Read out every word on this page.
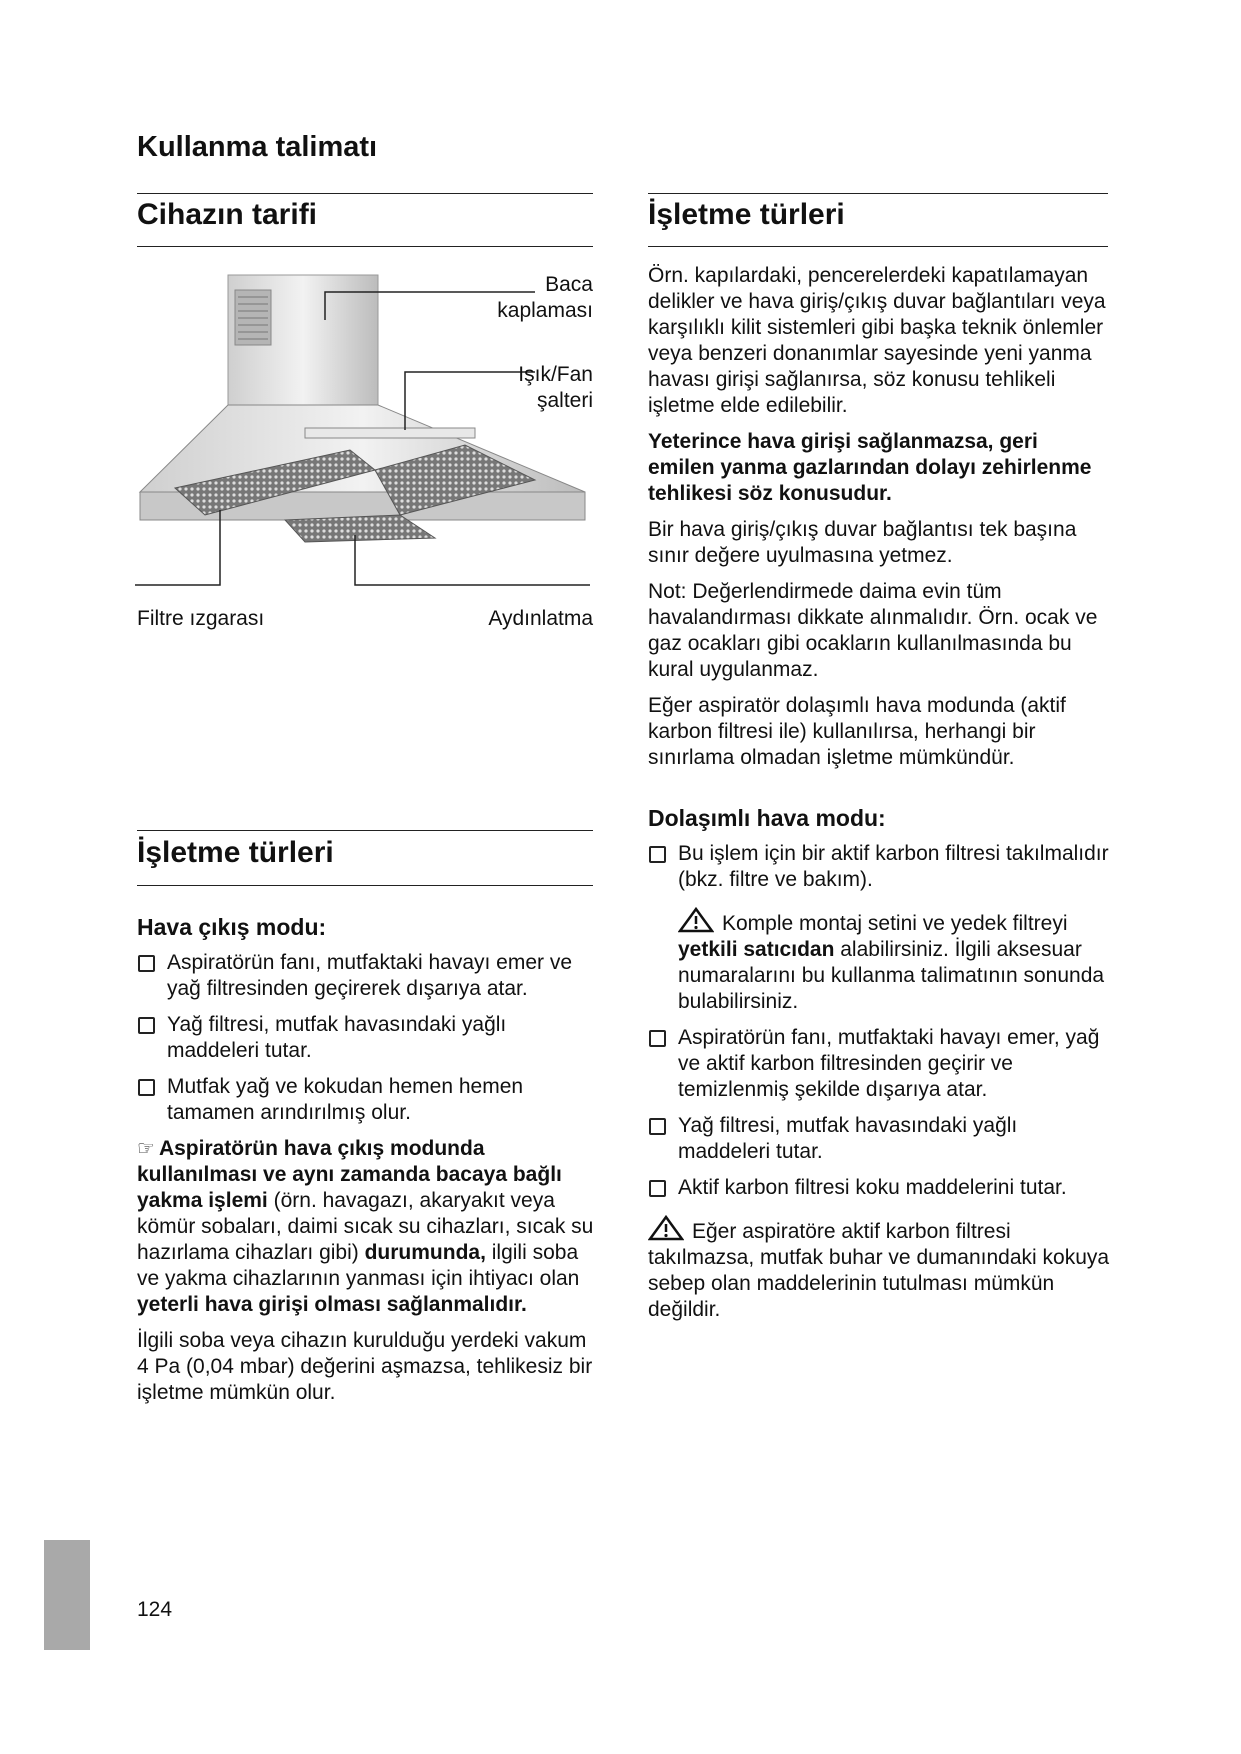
Kullanma talimatı
Cihazın tarifi
Baca
kaplaması
Işık/Fan
şalteri
Filtre ızgarası	Aydınlatma
İşletme türleri
Hava çıkış modu:
Aspiratörün fanı, mutfaktaki havayı emer ve yağ filtresinden geçirerek dışarıya atar.
Yağ filtresi, mutfak havasındaki yağlı maddeleri tutar.
Mutfak yağ ve kokudan hemen hemen tamamen arındırılmış olur.

☞ Aspiratörün hava çıkış modunda kullanılması ve aynı zamanda bacaya bağlı yakma işlemi (örn. havagazı, akaryakıt veya kömür sobaları, daimi sıcak su cihazları, sıcak su hazırlama cihazları gibi) durumunda, ilgili soba ve yakma cihazlarının yanması için ihtiyacı olan yeterli hava girişi olması sağlanmalıdır.

İlgili soba veya cihazın kurulduğu yerdeki vakum 4 Pa (0,04 mbar) değerini aşmazsa, tehlikesiz bir işletme mümkün olur.

İşletme türleri

Örn. kapılardaki, pencerelerdeki kapatılamayan delikler ve hava giriş/çıkış duvar bağlantıları veya karşılıklı kilit sistemleri gibi başka teknik önlemler veya benzeri donanımlar sayesinde yeni yanma havası girişi sağlanırsa, söz konusu tehlikeli işletme elde edilebilir.

Yeterince hava girişi sağlanmazsa, geri emilen yanma gazlarından dolayı zehirlenme tehlikesi söz konusudur.

Bir hava giriş/çıkış duvar bağlantısı tek başına sınır değere uyulmasına yetmez.

Not: Değerlendirmede daima evin tüm havalandırması dikkate alınmalıdır. Örn. ocak ve gaz ocakları gibi ocakların kullanılmasında bu kural uygulanmaz.

Eğer aspiratör dolaşımlı hava modunda (aktif karbon filtresi ile) kullanılırsa, herhangi bir sınırlama olmadan işletme mümkündür.

Dolaşımlı hava modu:
Bu işlem için bir aktif karbon filtresi takılmalıdır (bkz. filtre ve bakım).
Komple montaj setini ve yedek filtreyi yetkili satıcıdan alabilirsiniz. İlgili aksesuar numaralarını bu kullanma talimatının sonunda bulabilirsiniz.
Aspiratörün fanı, mutfaktaki havayı emer, yağ ve aktif karbon filtresinden geçirir ve temizlenmiş şekilde dışarıya atar.
Yağ filtresi, mutfak havasındaki yağlı maddeleri tutar.
Aktif karbon filtresi koku maddelerini tutar.

Eğer aspiratöre aktif karbon filtresi takılmazsa, mutfak buhar ve dumanındaki kokuya sebep olan maddelerinin tutulması mümkün değildir.

124
